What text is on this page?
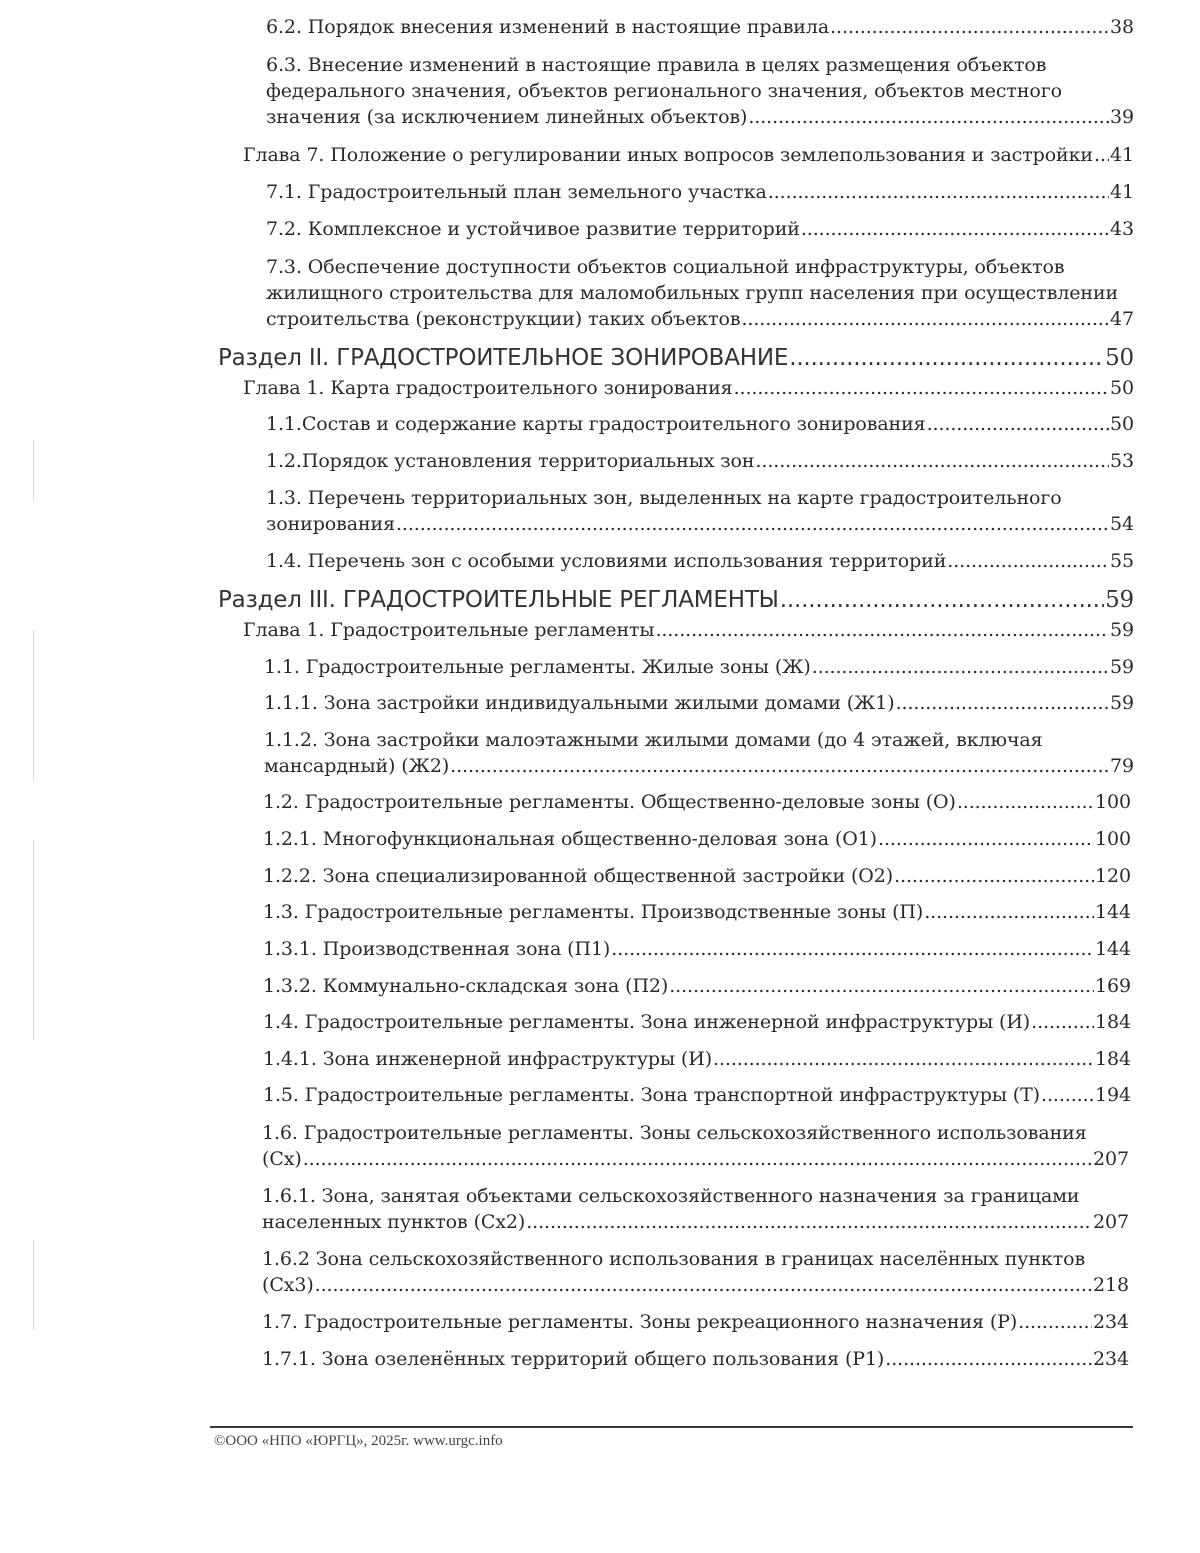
6.2. Порядок внесения изменений в настоящие правила .....	38
6.3. Внесение изменений в настоящие правила в целях размещения объектов
федерального значения, объектов регионального значения, объектов местного
значения (за исключением линейных объектов) .....	39
Глава 7. Положение о регулировании иных вопросов землепользования и застройки ..... 41
7.1. Градостроительный план земельного участка .....	41
7.2. Комплексное и устойчивое развитие территорий .....	43
7.3. Обеспечение доступности объектов социальной инфраструктуры, объектов
жилищного строительства для маломобильных групп населения при осуществлении
строительства (реконструкции) таких объектов .....	47
Раздел II. ГРАДОСТРОИТЕЛЬНОЕ ЗОНИРОВАНИЕ .....	50
Глава 1. Карта градостроительного зонирования .....	50
1.1. Состав и содержание карты градостроительного зонирования .....	50
1.2. Порядок установления территориальных зон .....	53
1.3. Перечень территориальных зон, выделенных на карте градостроительного
зонирования .....	54
1.4. Перечень зон с особыми условиями использования территорий .....	55
Раздел III. ГРАДОСТРОИТЕЛЬНЫЕ РЕГЛАМЕНТЫ .....	59
Глава 1. Градостроительные регламенты .....	59
1.1. Градостроительные регламенты. Жилые зоны (Ж) .....	59
1.1.1. Зона застройки индивидуальными жилыми домами (Ж1) .....	59
1.1.2. Зона застройки малоэтажными жилыми домами (до 4 этажей, включая
мансардный) (Ж2) .....	79
1.2. Градостроительные регламенты. Общественно-деловые зоны (О) .....	100
1.2.1. Многофункциональная общественно-деловая зона (О1) .....	100
1.2.2. Зона специализированной общественной застройки (О2) .....	120
1.3. Градостроительные регламенты. Производственные зоны (П) .....	144
1.3.1. Производственная зона (П1) .....	144
1.3.2. Коммунально-складская зона (П2) .....	169
1.4. Градостроительные регламенты. Зона инженерной инфраструктуры (И) .....	184
1.4.1. Зона инженерной инфраструктуры (И) .....	184
1.5. Градостроительные регламенты. Зона транспортной инфраструктуры (Т) .....	194
1.6. Градостроительные регламенты. Зоны сельскохозяйственного использования
(Сх) .....	207
1.6.1. Зона, занятая объектами сельскохозяйственного назначения за границами
населенных пунктов (Сх2) .....	207
1.6.2 Зона сельскохозяйственного использования в границах населённых пунктов
(Сх3) .....	218
1.7. Градостроительные регламенты. Зоны рекреационного назначения (Р) .....	234
1.7.1. Зона озеленённых территорий общего пользования (Р1) .....	234
©ООО «НПО «ЮРГЦ», 2025г. www.urgc.info
